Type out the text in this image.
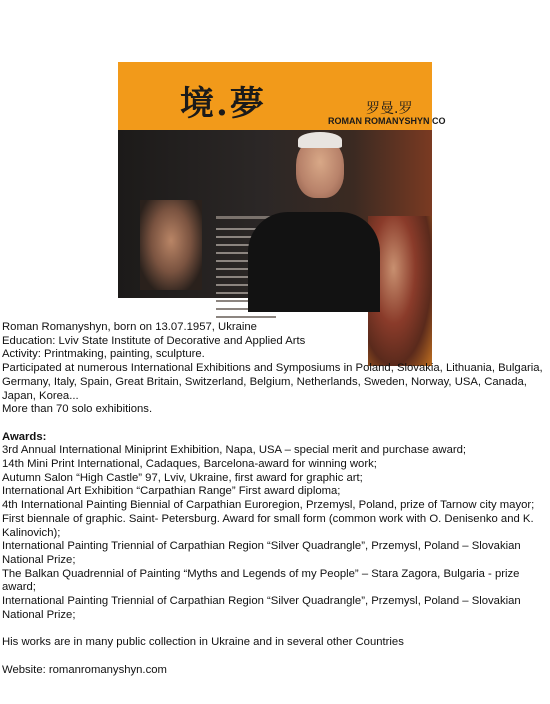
境.夢	罗曼.罗
ROMAN ROMANYSHYN CO

Roman Romanyshyn, born on 13.07.1957, Ukraine

Education: Lviv State Institute of Decorative and Applied Arts

Activity: Printmaking, painting, sculpture.

Participated at numerous International Exhibitions and Symposiums in Poland, Slovakia, Lithuania, Bulgaria, Germany, Italy, Spain, Great Britain, Switzerland, Belgium, Netherlands, Sweden, Norway, USA, Canada, Japan, Korea...

More than 70 solo exhibitions.

Awards:

3rd Annual International Miniprint Exhibition, Napa, USA – special merit and purchase award;

14th Mini Print International, Cadaques, Barcelona-award for winning work;

Autumn Salon “High Castle” 97, Lviv, Ukraine, first award for graphic art;

International Art Exhibition “Carpathian Range” First award diploma;

4th International Painting Biennial of Carpathian Euroregion, Przemysl, Poland, prize of Tarnow city mayor;

First biennale of graphic. Saint- Petersburg. Award for small form (common work with O. Denisenko and K. Kalinovich);

International Painting Triennial of Carpathian Region “Silver Quadrangle”, Przemysl, Poland – Slovakian National Prize;

The Balkan Quadrennial of Painting “Myths and Legends of my People” – Stara Zagora, Bulgaria - prize award;

International Painting Triennial of Carpathian Region “Silver Quadrangle”, Przemysl, Poland – Slovakian National Prize;

His works are in many public collection in Ukraine and in several other Countries

Website: romanromanyshyn.com
